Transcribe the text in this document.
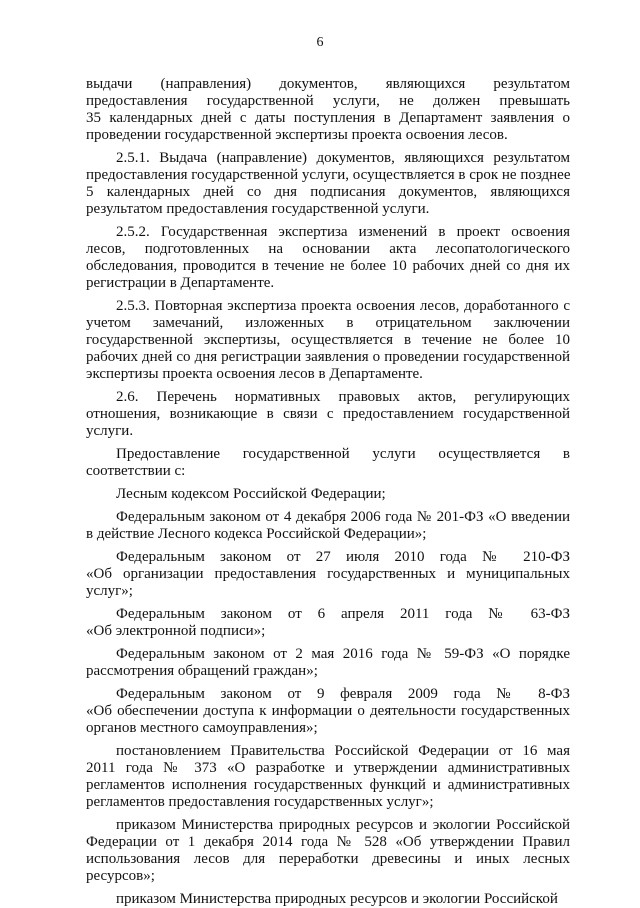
6
выдачи (направления) документов, являющихся результатом
предоставления государственной услуги, не должен превышать
35 календарных дней с даты поступления в Департамент заявления о
проведении государственной экспертизы проекта освоения лесов.
2.5.1. Выдача (направление) документов, являющихся результатом
предоставления государственной услуги, осуществляется в срок не позднее
5 календарных дней со дня подписания документов, являющихся
результатом предоставления государственной услуги.
2.5.2. Государственная экспертиза изменений в проект освоения
лесов, подготовленных на основании акта лесопатологического
обследования, проводится в течение не более 10 рабочих дней со дня их
регистрации в Департаменте.
2.5.3. Повторная экспертиза проекта освоения лесов, доработанного с
учетом замечаний, изложенных в отрицательном заключении
государственной экспертизы, осуществляется в течение не более 10
рабочих дней со дня регистрации заявления о проведении государственной
экспертизы проекта освоения лесов в Департаменте.
2.6. Перечень нормативных правовых актов, регулирующих
отношения, возникающие в связи с предоставлением государственной
услуги.
Предоставление государственной услуги осуществляется в
соответствии с:
Лесным кодексом Российской Федерации;
Федеральным законом от 4 декабря 2006 года № 201-ФЗ «О введении
в действие Лесного кодекса Российской Федерации»;
Федеральным законом от 27 июля 2010 года № 210-ФЗ
«Об организации предоставления государственных и муниципальных
услуг»;
Федеральным законом от 6 апреля 2011 года № 63-ФЗ
«Об электронной подписи»;
Федеральным законом от 2 мая 2016 года № 59-ФЗ «О порядке
рассмотрения обращений граждан»;
Федеральным законом от 9 февраля 2009 года № 8-ФЗ
«Об обеспечении доступа к информации о деятельности государственных
органов местного самоуправления»;
постановлением Правительства Российской Федерации от 16 мая
2011 года № 373 «О разработке и утверждении административных
регламентов исполнения государственных функций и административных
регламентов предоставления государственных услуг»;
приказом Министерства природных ресурсов и экологии Российской
Федерации от 1 декабря 2014 года № 528 «Об утверждении Правил
использования лесов для переработки древесины и иных лесных
ресурсов»;
приказом Министерства природных ресурсов и экологии Российской
